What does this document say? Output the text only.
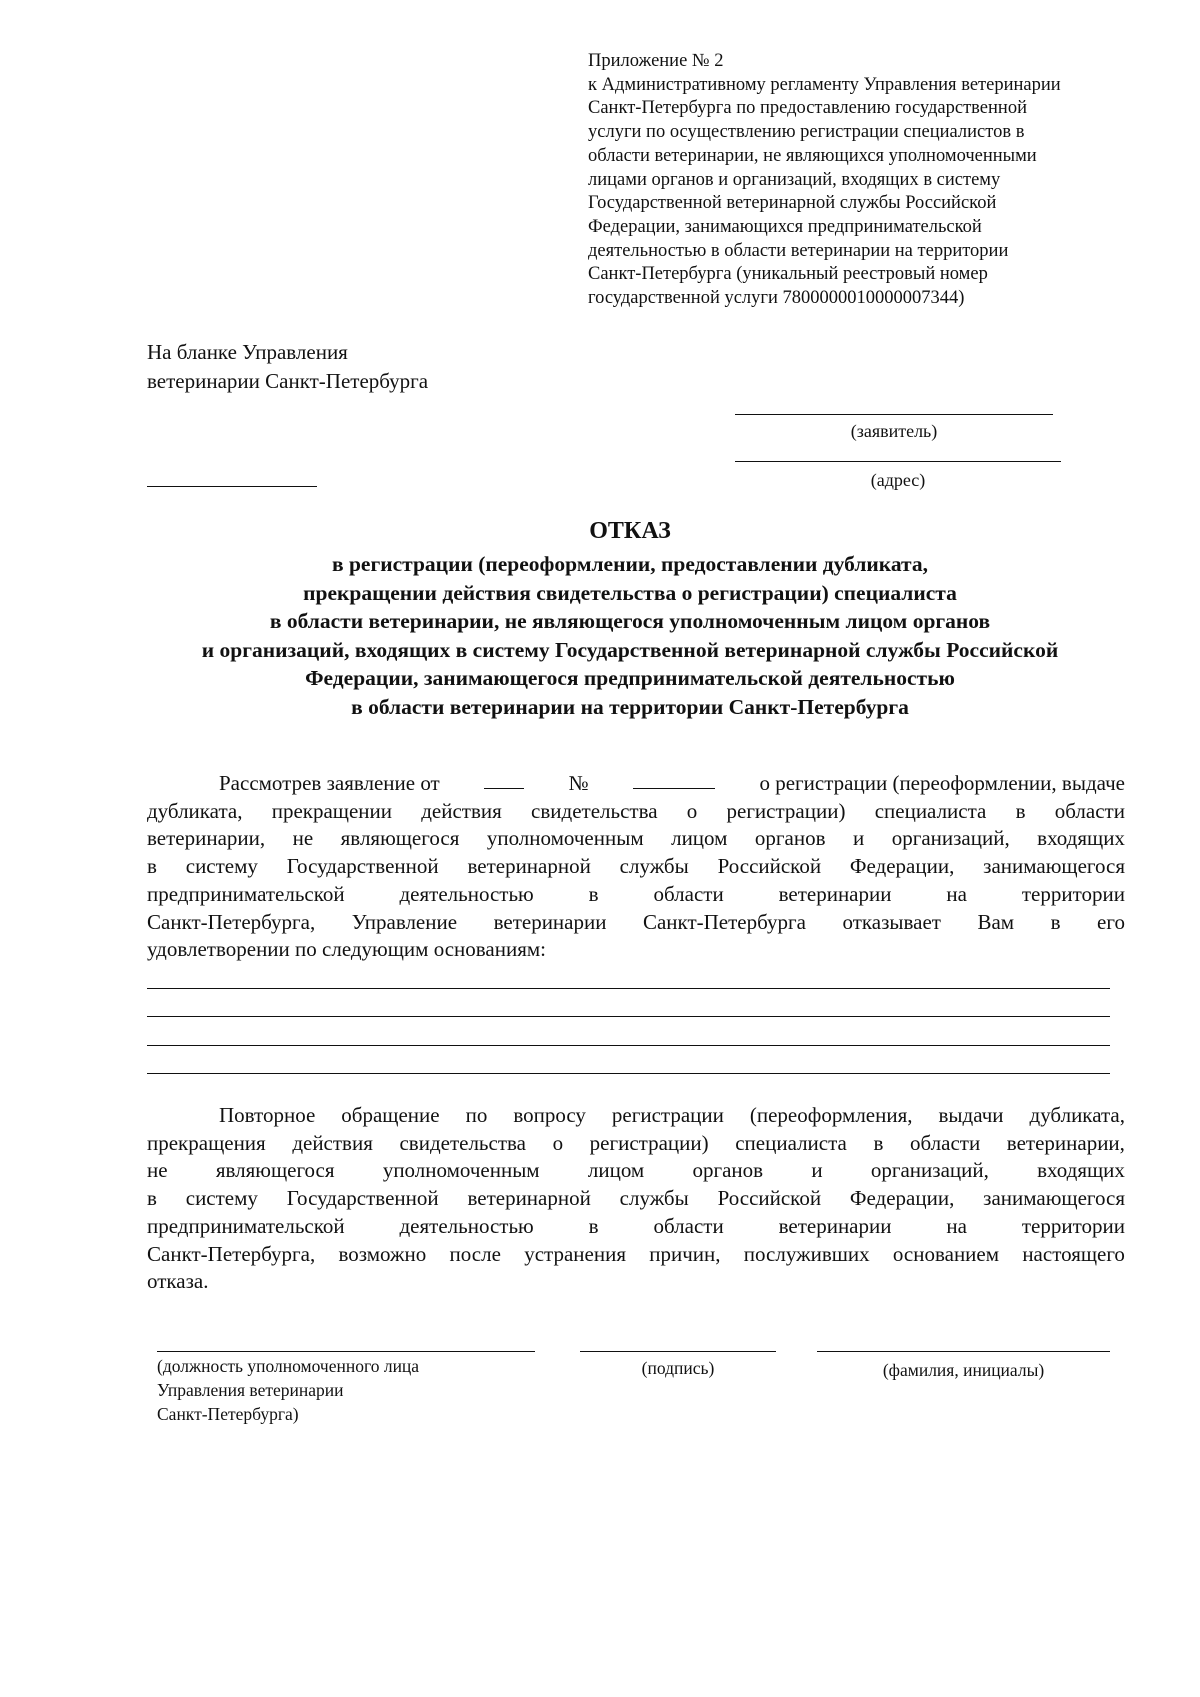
Приложение № 2
к Административному регламенту Управления ветеринарии
Санкт-Петербурга по предоставлению государственной
услуги по осуществлению регистрации специалистов в
области ветеринарии, не являющихся уполномоченными
лицами органов и организаций, входящих в систему
Государственной ветеринарной службы Российской
Федерации, занимающихся предпринимательской
деятельностью в области ветеринарии на территории
Санкт-Петербурга (уникальный реестровый номер
государственной услуги 7800000010000007344)
На бланке Управления
ветеринарии Санкт-Петербурга
(заявитель)
(адрес)
ОТКАЗ
в регистрации (переоформлении, предоставлении дубликата,
прекращении действия свидетельства о регистрации) специалиста
в области ветеринарии, не являющегося уполномоченным лицом органов
и организаций, входящих в систему Государственной ветеринарной службы Российской
Федерации, занимающегося предпринимательской деятельностью
в области ветеринарии на территории Санкт-Петербурга
Рассмотрев заявление от	№	о регистрации (переоформлении, выдаче
дубликата, прекращении действия свидетельства о регистрации) специалиста в области
ветеринарии, не являющегося уполномоченным лицом органов и организаций, входящих
в систему Государственной ветеринарной службы Российской Федерации, занимающегося
предпринимательской	деятельностью	в	области	ветеринарии	на	территории
Санкт-Петербурга, Управление ветеринарии Санкт-Петербурга отказывает Вам в его
удовлетворении по следующим основаниям:
Повторное обращение по вопросу регистрации (переоформления, выдачи дубликата,
прекращения действия свидетельства о регистрации) специалиста в области ветеринарии,
не являющегося уполномоченным лицом органов и организаций, входящих
в систему Государственной ветеринарной службы Российской Федерации, занимающегося
предпринимательской	деятельностью	в	области	ветеринарии	на	территории
Санкт-Петербурга, возможно после устранения причин, послуживших основанием настоящего
отказа.
(должность уполномоченного лица
Управления ветеринарии
Санкт-Петербурга)
(подпись)	(фамилия, инициалы)
